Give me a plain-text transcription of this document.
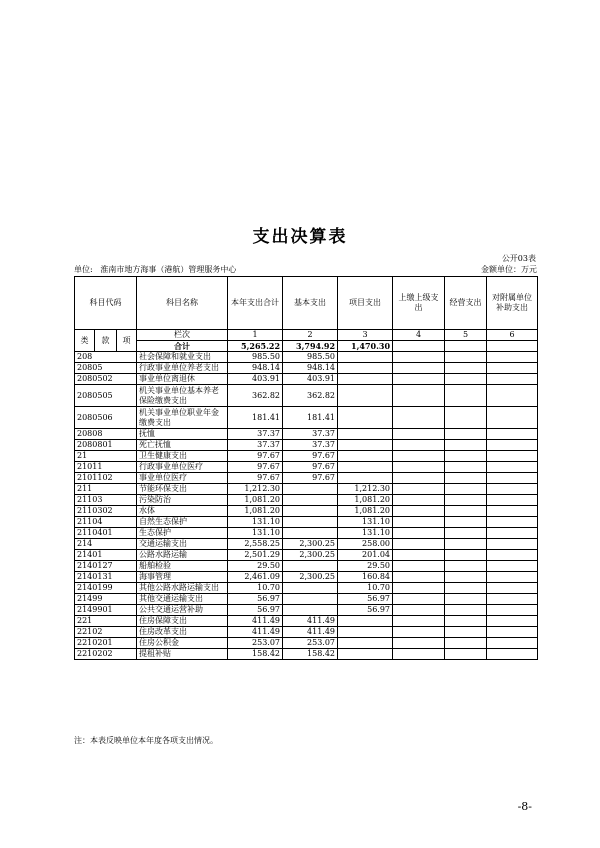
支出决算表
公开03表
单位: 淮南市地方海事（港航）管理服务中心	金额单位：万元
科目代码			科目名称	本年支出合计	基本支出	项目支出	上缴上级支出	经营支出	对附属单位补助支出
类	款	项	栏次	1	2	3	4	5	6
			合计	5,265.22	3,794.92	1,470.30			
208			社会保障和就业支出	985.50	985.50				
20805			行政事业单位养老支出	948.14	948.14				
2080502			事业单位离退休	403.91	403.91				
2080505			机关事业单位基本养老保险缴费支出	362.82	362.82				
2080506			机关事业单位职业年金缴费支出	181.41	181.41				
20808			抚恤	37.37	37.37				
2080801			死亡抚恤	37.37	37.37				
21			卫生健康支出	97.67	97.67				
21011			行政事业单位医疗	97.67	97.67				
2101102			事业单位医疗	97.67	97.67				
211			节能环保支出	1,212.30		1,212.30			
21103			污染防治	1,081.20		1,081.20			
2110302			水体	1,081.20		1,081.20			
21104			自然生态保护	131.10		131.10			
2110401			生态保护	131.10		131.10			
214			交通运输支出	2,558.25	2,300.25	258.00			
21401			公路水路运输	2,501.29	2,300.25	201.04			
2140127			船舶检验	29.50		29.50			
2140131			海事管理	2,461.09	2,300.25	160.84			
2140199			其他公路水路运输支出	10.70		10.70			
21499			其他交通运输支出	56.97		56.97			
2149901			公共交通运营补助	56.97		56.97			
221			住房保障支出	411.49	411.49				
22102			住房改革支出	411.49	411.49				
2210201			住房公积金	253.07	253.07				
2210202			提租补贴	158.42	158.42				
注：本表反映单位本年度各项支出情况。
-8-
